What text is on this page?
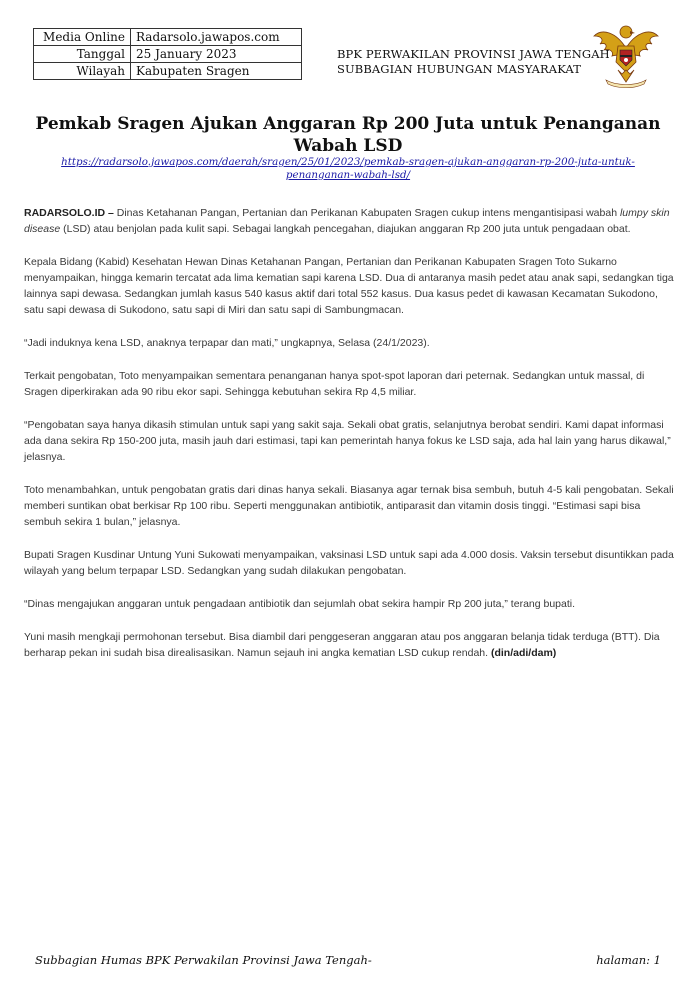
Media Online	Radarsolo.jawapos.com
Tanggal	25 January 2023
Wilayah	Kabupaten Sragen
BPK PERWAKILAN PROVINSI JAWA TENGAH
SUBBAGIAN HUBUNGAN MASYARAKAT
Pemkab Sragen Ajukan Anggaran Rp 200 Juta untuk Penanganan Wabah LSD
https://radarsolo.jawapos.com/daerah/sragen/25/01/2023/pemkab-sragen-ajukan-anggaran-rp-200-juta-untuk-penanganan-wabah-lsd/

RADARSOLO.ID – Dinas Ketahanan Pangan, Pertanian dan Perikanan Kabupaten Sragen cukup intens mengantisipasi wabah lumpy skin disease (LSD) atau benjolan pada kulit sapi. Sebagai langkah pencegahan, diajukan anggaran Rp 200 juta untuk pengadaan obat.

Kepala Bidang (Kabid) Kesehatan Hewan Dinas Ketahanan Pangan, Pertanian dan Perikanan Kabupaten Sragen Toto Sukarno menyampaikan, hingga kemarin tercatat ada lima kematian sapi karena LSD. Dua di antaranya masih pedet atau anak sapi, sedangkan tiga lainnya sapi dewasa. Sedangkan jumlah kasus 540 kasus aktif dari total 552 kasus. Dua kasus pedet di kawasan Kecamatan Sukodono, satu sapi dewasa di Sukodono, satu sapi di Miri dan satu sapi di Sambungmacan.

“Jadi induknya kena LSD, anaknya terpapar dan mati,” ungkapnya, Selasa (24/1/2023).

Terkait pengobatan, Toto menyampaikan sementara penanganan hanya spot-spot laporan dari peternak. Sedangkan untuk massal, di Sragen diperkirakan ada 90 ribu ekor sapi. Sehingga kebutuhan sekira Rp 4,5 miliar.

“Pengobatan saya hanya dikasih stimulan untuk sapi yang sakit saja. Sekali obat gratis, selanjutnya berobat sendiri. Kami dapat informasi ada dana sekira Rp 150-200 juta, masih jauh dari estimasi, tapi kan pemerintah hanya fokus ke LSD saja, ada hal lain yang harus dikawal,” jelasnya.

Toto menambahkan, untuk pengobatan gratis dari dinas hanya sekali. Biasanya agar ternak bisa sembuh, butuh 4-5 kali pengobatan. Sekali memberi suntikan obat berkisar Rp 100 ribu. Seperti menggunakan antibiotik, antiparasit dan vitamin dosis tinggi. “Estimasi sapi bisa sembuh sekira 1 bulan,” jelasnya.

Bupati Sragen Kusdinar Untung Yuni Sukowati menyampaikan, vaksinasi LSD untuk sapi ada 4.000 dosis. Vaksin tersebut disuntikkan pada wilayah yang belum terpapar LSD. Sedangkan yang sudah dilakukan pengobatan.

“Dinas mengajukan anggaran untuk pengadaan antibiotik dan sejumlah obat sekira hampir Rp 200 juta,” terang bupati.

Yuni masih mengkaji permohonan tersebut. Bisa diambil dari penggeseran anggaran atau pos anggaran belanja tidak terduga (BTT). Dia berharap pekan ini sudah bisa direalisasikan. Namun sejauh ini angka kematian LSD cukup rendah. (din/adi/dam)

Subbagian Humas BPK Perwakilan Provinsi Jawa Tengah-	halaman: 1
